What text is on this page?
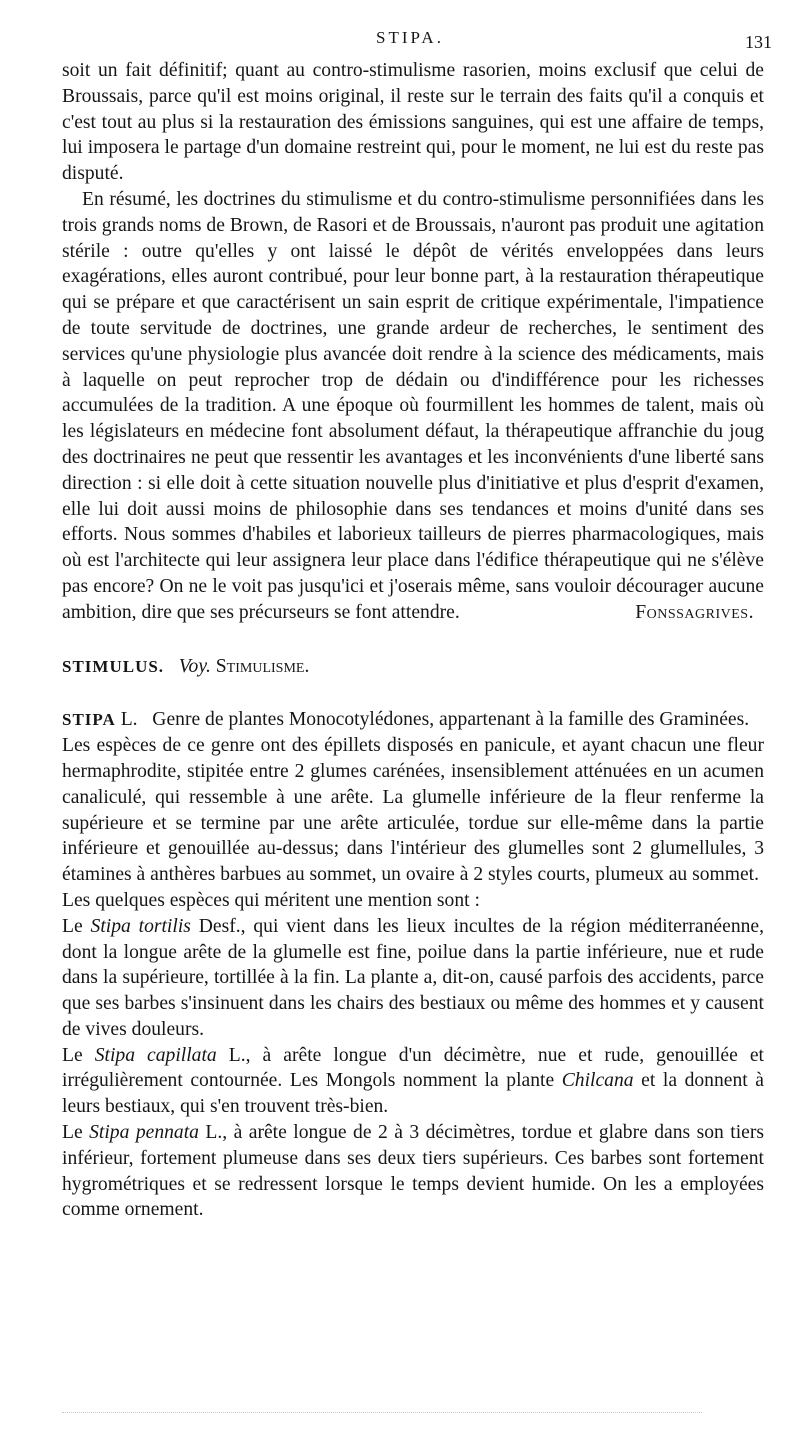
STIPA.	131

soit un fait définitif; quant au contro-stimulisme rasorien, moins exclusif que celui de Broussais, parce qu'il est moins original, il reste sur le terrain des faits qu'il a conquis et c'est tout au plus si la restauration des émissions sanguines, qui est une affaire de temps, lui imposera le partage d'un domaine restreint qui, pour le moment, ne lui est du reste pas disputé.

En résumé, les doctrines du stimulisme et du contro-stimulisme personnifiées dans les trois grands noms de Brown, de Rasori et de Broussais, n'auront pas produit une agitation stérile : outre qu'elles y ont laissé le dépôt de vérités enveloppées dans leurs exagérations, elles auront contribué, pour leur bonne part, à la restauration thérapeutique qui se prépare et que caractérisent un sain esprit de critique expérimentale, l'impatience de toute servitude de doctrines, une grande ardeur de recherches, le sentiment des services qu'une physiologie plus avancée doit rendre à la science des médicaments, mais à laquelle on peut reprocher trop de dédain ou d'indifférence pour les richesses accumulées de la tradition. A une époque où fourmillent les hommes de talent, mais où les législateurs en médecine font absolument défaut, la thérapeutique affranchie du joug des doctrinaires ne peut que ressentir les avantages et les inconvénients d'une liberté sans direction : si elle doit à cette situation nouvelle plus d'initiative et plus d'esprit d'examen, elle lui doit aussi moins de philosophie dans ses tendances et moins d'unité dans ses efforts. Nous sommes d'habiles et laborieux tailleurs de pierres pharmacologiques, mais où est l'architecte qui leur assignera leur place dans l'édifice thérapeutique qui ne s'élève pas encore? On ne le voit pas jusqu'ici et j'oserais même, sans vouloir décourager aucune ambition, dire que ses précurseurs se font attendre.	Fonssagrives.

STIMULUS. Voy. Stimulisme.

STIPA L. Genre de plantes Monocotylédones, appartenant à la famille des Graminées.

Les espèces de ce genre ont des épillets disposés en panicule, et ayant chacun une fleur hermaphrodite, stipitée entre 2 glumes carénées, insensiblement atténuées en un acumen canaliculé, qui ressemble à une arête. La glumelle inférieure de la fleur renferme la supérieure et se termine par une arête articulée, tordue sur elle-même dans la partie inférieure et genouillée au-dessus; dans l'intérieur des glumelles sont 2 glumellules, 3 étamines à anthères barbues au sommet, un ovaire à 2 styles courts, plumeux au sommet.

Les quelques espèces qui méritent une mention sont :

Le Stipa tortilis Desf., qui vient dans les lieux incultes de la région méditerranéenne, dont la longue arête de la glumelle est fine, poilue dans la partie inférieure, nue et rude dans la supérieure, tortillée à la fin. La plante a, dit-on, causé parfois des accidents, parce que ses barbes s'insinuent dans les chairs des bestiaux ou même des hommes et y causent de vives douleurs.

Le Stipa capillata L., à arête longue d'un décimètre, nue et rude, genouillée et irrégulièrement contournée. Les Mongols nomment la plante Chilcana et la donnent à leurs bestiaux, qui s'en trouvent très-bien.

Le Stipa pennata L., à arête longue de 2 à 3 décimètres, tordue et glabre dans son tiers inférieur, fortement plumeuse dans ses deux tiers supérieurs. Ces barbes sont fortement hygrométriques et se redressent lorsque le temps devient humide. On les a employées comme ornement.
